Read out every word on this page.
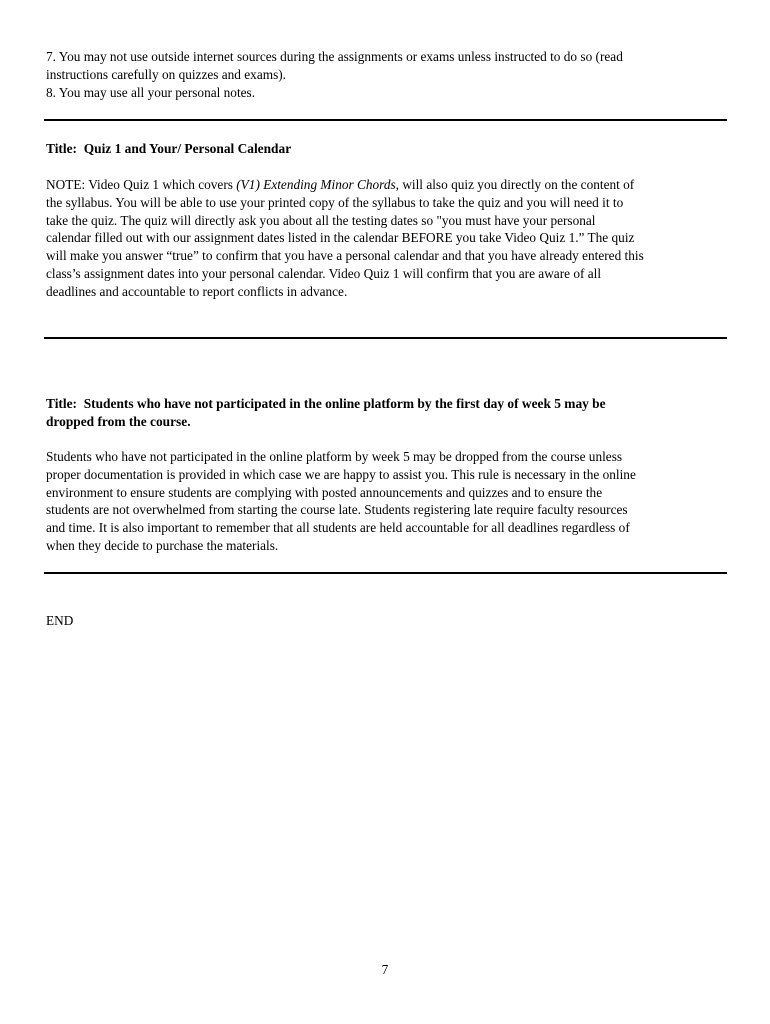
7. You may not use outside internet sources during the assignments or exams unless instructed to do so (read
instructions carefully on quizzes and exams).
8. You may use all your personal notes.
Title: Quiz 1 and Your/ Personal Calendar
NOTE: Video Quiz 1 which covers (V1) Extending Minor Chords, will also quiz you directly on the content of
the syllabus. You will be able to use your printed copy of the syllabus to take the quiz and you will need it to
take the quiz. The quiz will directly ask you about all the testing dates so "you must have your personal
calendar filled out with our assignment dates listed in the calendar BEFORE you take Video Quiz 1.” The quiz
will make you answer “true” to confirm that you have a personal calendar and that you have already entered this
class’s assignment dates into your personal calendar. Video Quiz 1 will confirm that you are aware of all
deadlines and accountable to report conflicts in advance.
Title: Students who have not participated in the online platform by the first day of week 5 may be
dropped from the course.
Students who have not participated in the online platform by week 5 may be dropped from the course unless
proper documentation is provided in which case we are happy to assist you. This rule is necessary in the online
environment to ensure students are complying with posted announcements and quizzes and to ensure the
students are not overwhelmed from starting the course late. Students registering late require faculty resources
and time. It is also important to remember that all students are held accountable for all deadlines regardless of
when they decide to purchase the materials.
END
7
